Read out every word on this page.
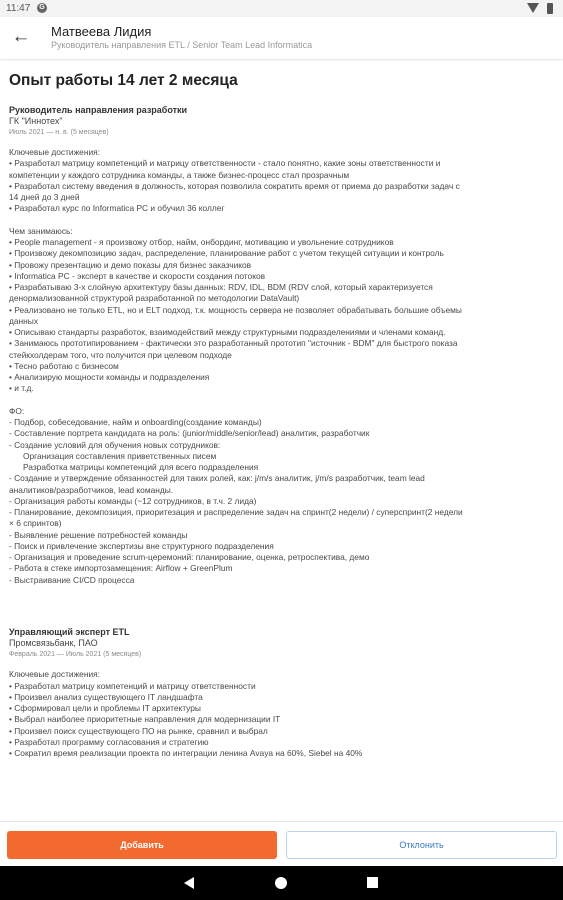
11:47	G
← Матвеева Лидия
Руководитель направления ETL / Senior Team Lead Informatica
Опыт работы 14 лет 2 месяца
Руководитель направления разработки
ГК "Иннотех"
Июль 2021 — н. в. (5 месяцев)
Ключевые достижения:
• Разработал матрицу компетенций и матрицу ответственности - стало понятно, какие зоны ответственности и
компетенции у каждого сотрудника команды, а также бизнес-процесс стал прозрачным
• Разработал систему введения в должность, которая позволила сократить время от приема до разработки задач с
14 дней до 3 дней
• Разработал курс по Informatica PC и обучил 36 коллег
Чем занимаюсь:
• People management - я произвожу отбор, найм, онбординг, мотивацию и увольнение сотрудников
• Произвожу декомпозицию задач, распределение, планирование работ с учетом текущей ситуации и контроль
• Провожу презентацию и демо показы для бизнес заказчиков
• Informatica PC - эксперт в качестве и скорости создания потоков
• Разрабатываю 3-х слойную архитектуру базы данных: RDV, IDL, BDM (RDV слой, который характеризуется
денормализованной структурой разработанной по методологии DataVault)
• Реализовано не только ETL, но и ELT подход, т.к. мощность сервера не позволяет обрабатывать большие объемы
данных
• Описываю стандарты разработок, взаимодействий между структурными подразделениями и членами команд.
• Занимаюсь прототипированием - фактически это разработанный прототип "источник - BDM" для быстрого показа
стейкхолдерам того, что получится при целевом подходе
• Тесно работаю с бизнесом
• Анализирую мощности команды и подразделения
• и т.д.
ФО:
- Подбор, собеседование, найм и onboarding(создание команды)
- Составление портрета кандидата на роль: (junior/middle/senior/lead) аналитик, разработчик
- Создание условий для обучения новых сотрудников:
Организация составления приветственных писем
Разработка матрицы компетенций для всего подразделения
- Создание и утверждение обязанностей для таких ролей, как: j/m/s аналитик, j/m/s разработчик, team lead
аналитиков/разработчиков, lead команды.
- Организация работы команды (~12 сотрудников, в т.ч. 2 лида)
- Планирование, декомпозиция, приоритезация и распределение задач на спринт(2 недели) / суперспринт(2 недели
× 6 спринтов)
- Выявление решение потребностей команды
- Поиск и привлечение экспертизы вне структурного подразделения
- Организация и проведение scrum-церемоний: планирование, оценка, ретроспектива, демо
- Работа в стеке импортозамещения: Airflow + GreenPlum
- Выстраивание CI/CD процесса
Управляющий эксперт ETL
Промсвязьбанк, ПАО
Февраль 2021 — Июль 2021 (5 месяцев)
Ключевые достижения:
• Разработал матрицу компетенций и матрицу ответственности
• Произвел анализ существующего IT ландшафта
• Сформировал цели и проблемы IT архитектуры
• Выбрал наиболее приоритетные направления для модернизации IT
• Произвел поиск существующего ПО на рынке, сравнил и выбрал
• Разработал программу согласования и стратегию
• Сократил время реализации проекта по интеграции ленина Avaya на 60%, Siebel на 40%
Добавить	Отклонить
